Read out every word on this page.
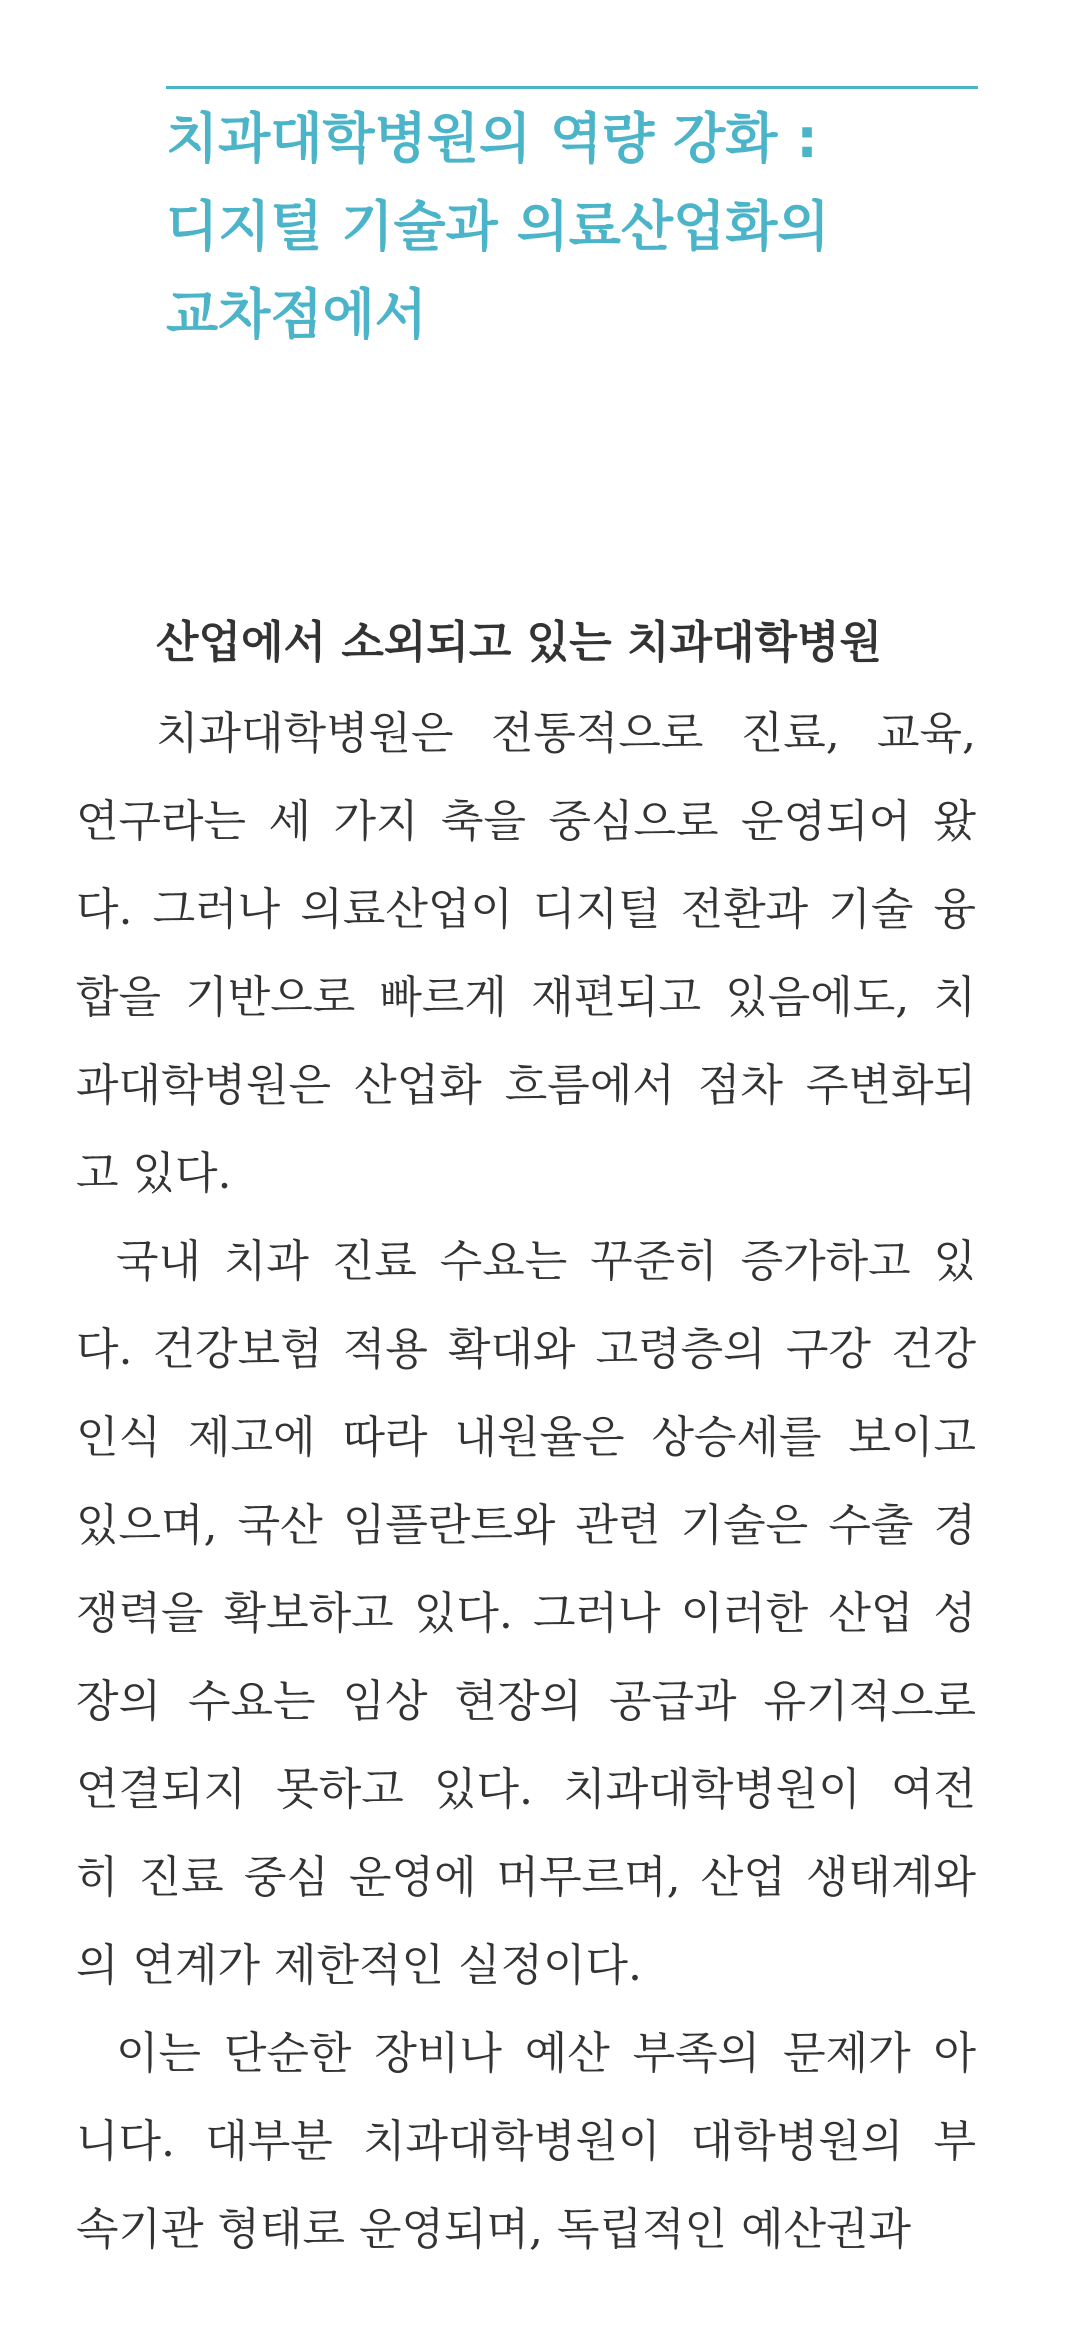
치과대학병원의 역량 강화 :
디지털 기술과 의료산업화의
교차점에서
산업에서 소외되고 있는 치과대학병원
치과대학병원은 전통적으로 진료, 교육,
연구라는 세 가지 축을 중심으로 운영되어 왔
다. 그러나 의료산업이 디지털 전환과 기술 융
합을 기반으로 빠르게 재편되고 있음에도, 치
과대학병원은 산업화 흐름에서 점차 주변화되
고 있다.
국내 치과 진료 수요는 꾸준히 증가하고 있
다. 건강보험 적용 확대와 고령층의 구강 건강
인식 제고에 따라 내원율은 상승세를 보이고
있으며, 국산 임플란트와 관련 기술은 수출 경
쟁력을 확보하고 있다. 그러나 이러한 산업 성
장의 수요는 임상 현장의 공급과 유기적으로
연결되지 못하고 있다. 치과대학병원이 여전
히 진료 중심 운영에 머무르며, 산업 생태계와
의 연계가 제한적인 실정이다.
이는 단순한 장비나 예산 부족의 문제가 아
니다. 대부분 치과대학병원이 대학병원의 부
속기관 형태로 운영되며, 독립적인 예산권과
